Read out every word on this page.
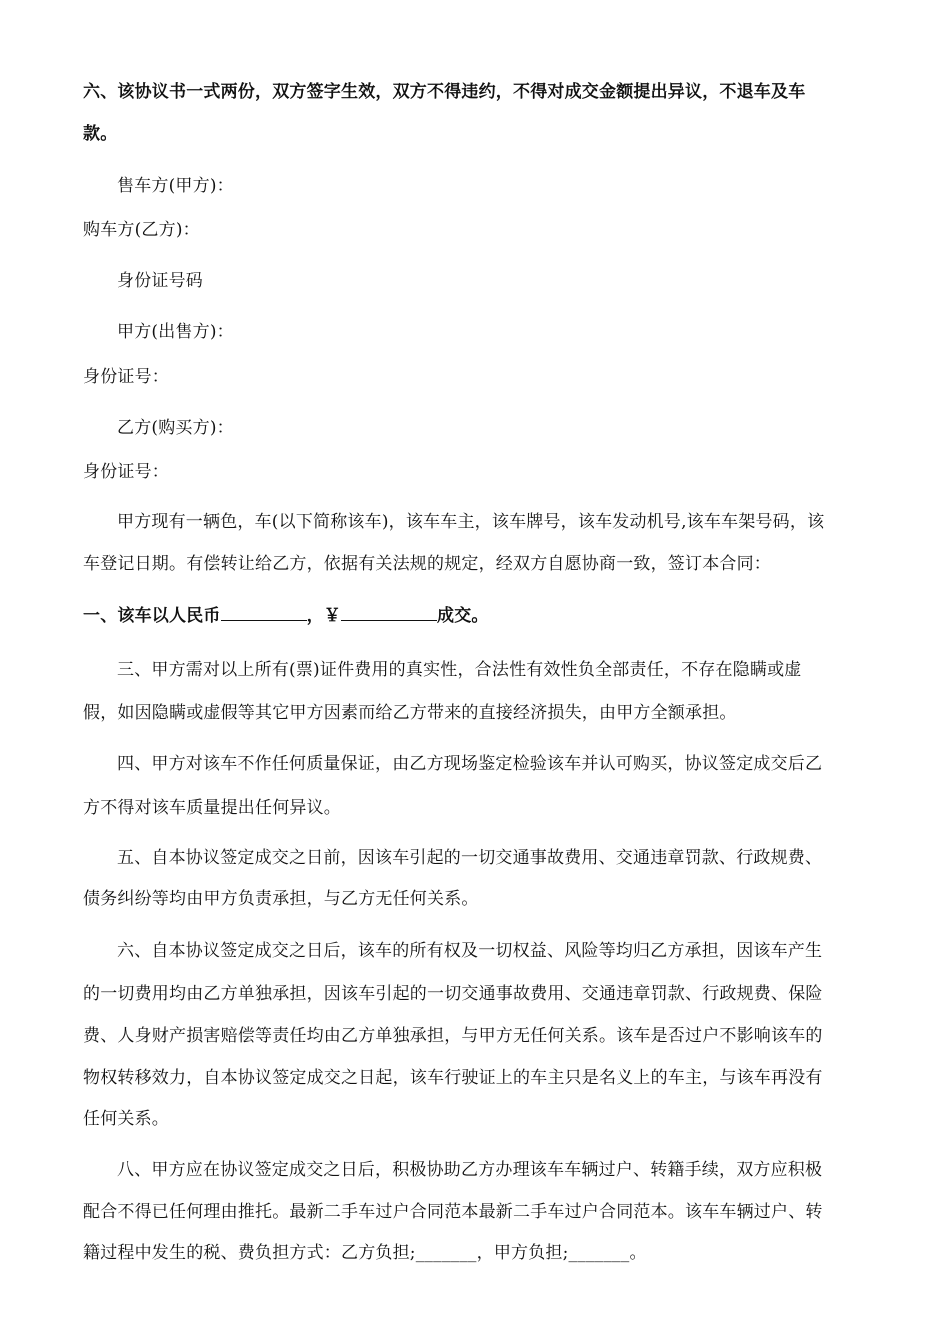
六、该协议书一式两份，双方签字生效，双方不得违约，不得对成交金额提出异议，不退车及车
款。
售车方(甲方)：
购车方(乙方)：
身份证号码
甲方(出售方)：
身份证号：
乙方(购买方)：
身份证号：
甲方现有一辆色，车(以下简称该车)，该车车主，该车牌号，该车发动机号,该车车架号码，该
车登记日期。有偿转让给乙方，依据有关法规的规定，经双方自愿协商一致，签订本合同：
一、该车以人民币	，￥	成交。
三、甲方需对以上所有(票)证件费用的真实性，合法性有效性负全部责任，不存在隐瞒或虚
假，如因隐瞒或虚假等其它甲方因素而给乙方带来的直接经济损失，由甲方全额承担。
四、甲方对该车不作任何质量保证，由乙方现场鉴定检验该车并认可购买，协议签定成交后乙
方不得对该车质量提出任何异议。
五、自本协议签定成交之日前，因该车引起的一切交通事故费用、交通违章罚款、行政规费、
债务纠纷等均由甲方负责承担，与乙方无任何关系。
六、自本协议签定成交之日后，该车的所有权及一切权益、风险等均归乙方承担，因该车产生
的一切费用均由乙方单独承担，因该车引起的一切交通事故费用、交通违章罚款、行政规费、保险
费、人身财产损害赔偿等责任均由乙方单独承担，与甲方无任何关系。该车是否过户不影响该车的
物权转移效力，自本协议签定成交之日起，该车行驶证上的车主只是名义上的车主，与该车再没有
任何关系。
八、甲方应在协议签定成交之日后，积极协助乙方办理该车车辆过户、转籍手续，双方应积极
配合不得已任何理由推托。最新二手车过户合同范本最新二手车过户合同范本。该车车辆过户、转
籍过程中发生的税、费负担方式：乙方负担;_______，甲方负担;_______。
